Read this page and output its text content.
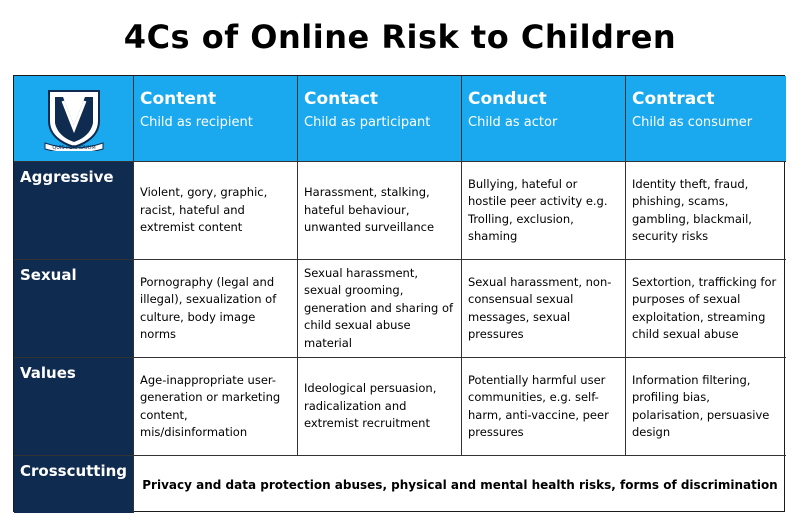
4Cs of Online Risk to Children
QUIS PERFIDUUM
Content
Child as recipient
Contact
Child as participant
Conduct
Child as actor
Contract
Child as consumer
Aggressive
Violent, gory, graphic, racist, hateful and extremist content
Harassment, stalking, hateful behaviour, unwanted surveillance
Bullying, hateful or hostile peer activity e.g. Trolling, exclusion, shaming
Identity theft, fraud, phishing, scams, gambling, blackmail, security risks
Sexual	Pornography (legal and illegal), sexualization of culture, body image norms
Sexual harassment, sexual grooming, generation and sharing of child sexual abuse material
Sexual harassment, non-consensual sexual messages, sexual pressures
Sextortion, trafficking for purposes of sexual exploitation, streaming child sexual abuse
Values	Age-inappropriate user-generation or marketing content, mis/disinformation
Ideological persuasion, radicalization and extremist recruitment
Potentially harmful user communities, e.g. self-harm, anti-vaccine, peer pressures
Information filtering, profiling bias, polarisation, persuasive design
Crosscutting
Privacy and data protection abuses, physical and mental health risks, forms of discrimination
